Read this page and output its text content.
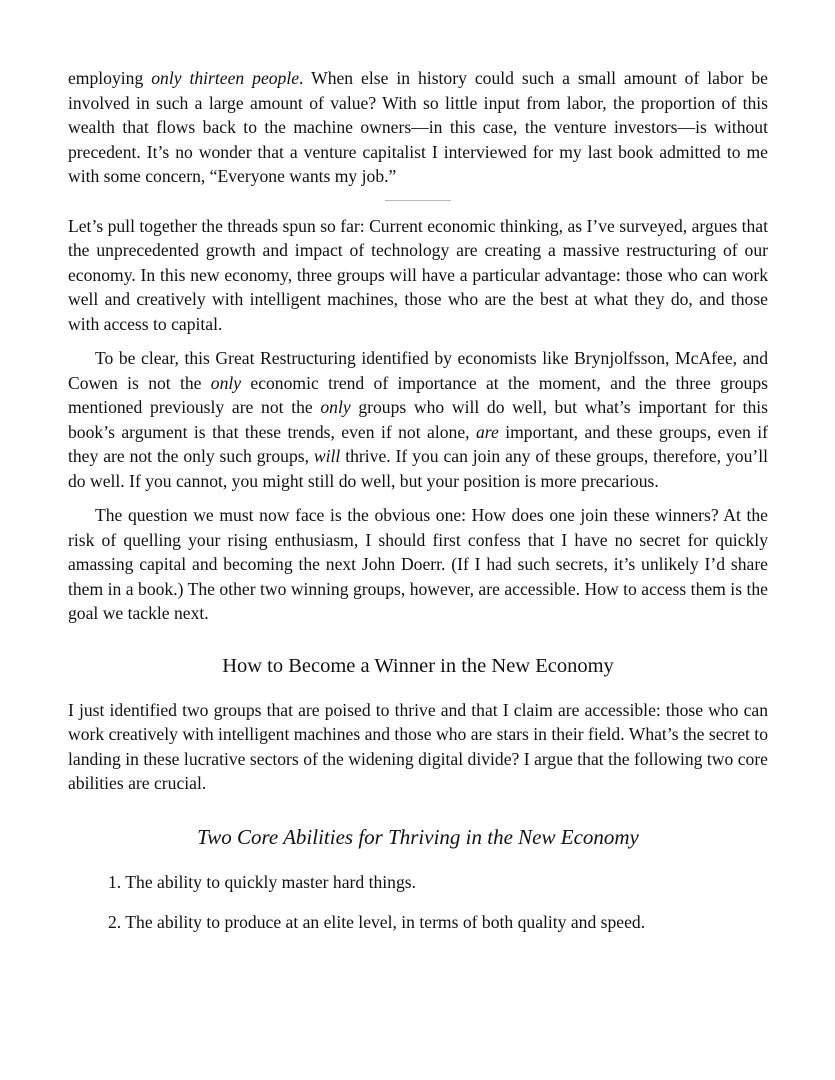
employing only thirteen people. When else in history could such a small amount of labor be involved in such a large amount of value? With so little input from labor, the proportion of this wealth that flows back to the machine owners—in this case, the venture investors—is without precedent. It’s no wonder that a venture capitalist I interviewed for my last book admitted to me with some concern, “Everyone wants my job.”

Let’s pull together the threads spun so far: Current economic thinking, as I’ve surveyed, argues that the unprecedented growth and impact of technology are creating a massive restructuring of our economy. In this new economy, three groups will have a particular advantage: those who can work well and creatively with intelligent machines, those who are the best at what they do, and those with access to capital.

To be clear, this Great Restructuring identified by economists like Brynjolfsson, McAfee, and Cowen is not the only economic trend of importance at the moment, and the three groups mentioned previously are not the only groups who will do well, but what’s important for this book’s argument is that these trends, even if not alone, are important, and these groups, even if they are not the only such groups, will thrive. If you can join any of these groups, therefore, you’ll do well. If you cannot, you might still do well, but your position is more precarious.

The question we must now face is the obvious one: How does one join these winners? At the risk of quelling your rising enthusiasm, I should first confess that I have no secret for quickly amassing capital and becoming the next John Doerr. (If I had such secrets, it’s unlikely I’d share them in a book.) The other two winning groups, however, are accessible. How to access them is the goal we tackle next.

How to Become a Winner in the New Economy

I just identified two groups that are poised to thrive and that I claim are accessible: those who can work creatively with intelligent machines and those who are stars in their field. What’s the secret to landing in these lucrative sectors of the widening digital divide? I argue that the following two core abilities are crucial.

Two Core Abilities for Thriving in the New Economy
1. The ability to quickly master hard things.
2. The ability to produce at an elite level, in terms of both quality and speed.
